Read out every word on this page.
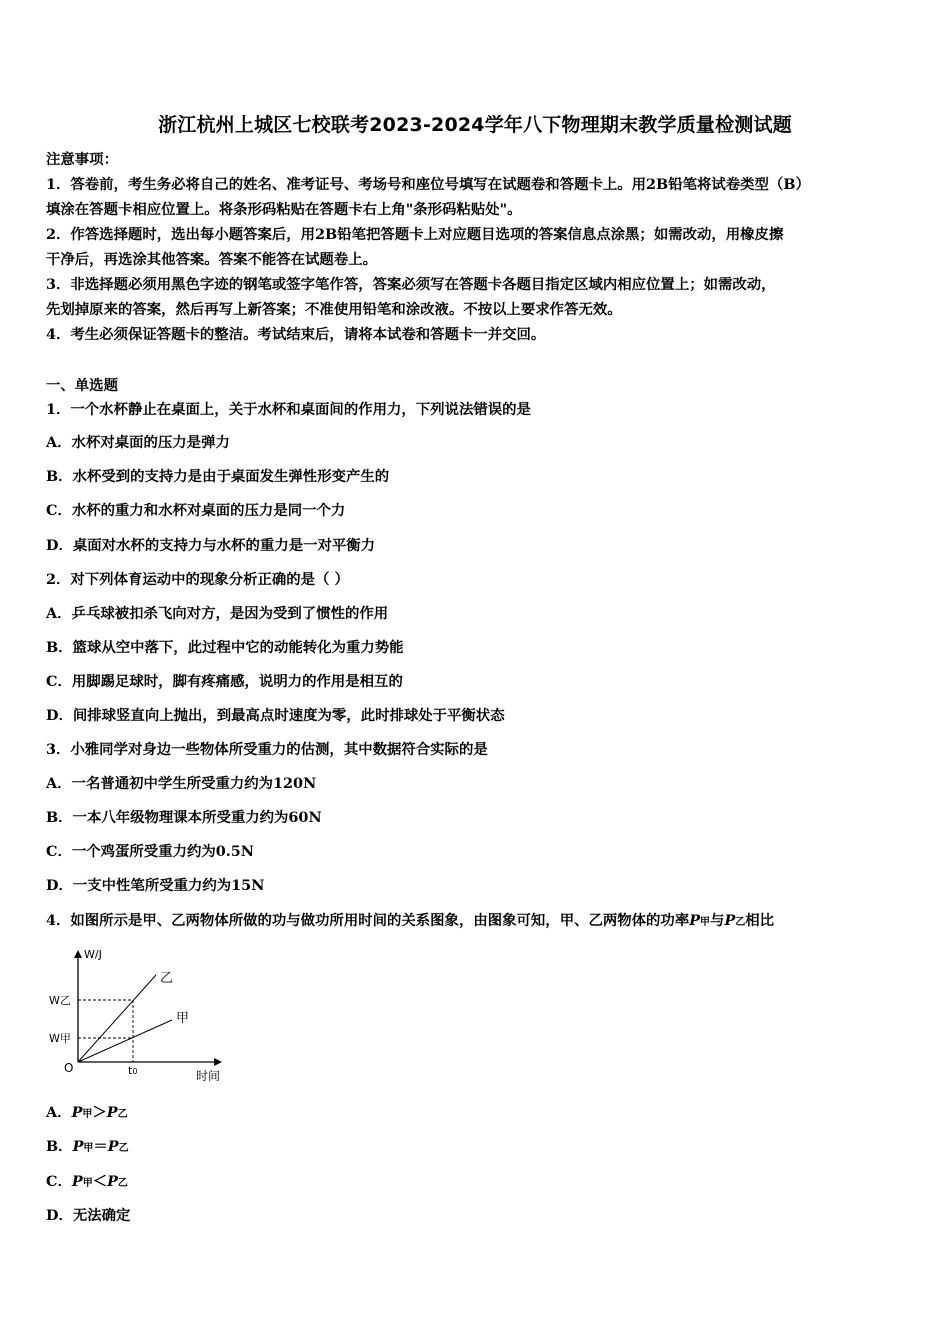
浙江杭州上城区七校联考2023-2024学年八下物理期末教学质量检测试题
注意事项：
1．答卷前，考生务必将自己的姓名、准考证号、考场号和座位号填写在试题卷和答题卡上。用2B铅笔将试卷类型（B）
填涂在答题卡相应位置上。将条形码粘贴在答题卡右上角"条形码粘贴处"。
2．作答选择题时，选出每小题答案后，用2B铅笔把答题卡上对应题目选项的答案信息点涂黑；如需改动，用橡皮擦
干净后，再选涂其他答案。答案不能答在试题卷上。
3．非选择题必须用黑色字迹的钢笔或签字笔作答，答案必须写在答题卡各题目指定区域内相应位置上；如需改动，
先划掉原来的答案，然后再写上新答案；不准使用铅笔和涂改液。不按以上要求作答无效。
4．考生必须保证答题卡的整洁。考试结束后，请将本试卷和答题卡一并交回。
一、单选题
1．一个水杯静止在桌面上，关于水杯和桌面间的作用力，下列说法错误的是
A．水杯对桌面的压力是弹力
B．水杯受到的支持力是由于桌面发生弹性形变产生的
C．水杯的重力和水杯对桌面的压力是同一个力
D．桌面对水杯的支持力与水杯的重力是一对平衡力
2．对下列体育运动中的现象分析正确的是（ ）
A．乒乓球被扣杀飞向对方，是因为受到了惯性的作用
B．篮球从空中落下，此过程中它的动能转化为重力势能
C．用脚踢足球时，脚有疼痛感，说明力的作用是相互的
D．间排球竖直向上抛出，到最高点时速度为零，此时排球处于平衡状态
3．小雅同学对身边一些物体所受重力的估测，其中数据符合实际的是
A．一名普通初中学生所受重力约为120N
B．一本八年级物理课本所受重力约为60N
C．一个鸡蛋所受重力约为0.5N
D．一支中性笔所受重力约为15N
4．如图所示是甲、乙两物体所做的功与做功所用时间的关系图象，由图象可知，甲、乙两物体的功率P甲与P乙相比
W/J
时间
O	t0
W乙
W甲
乙
甲
A．P甲＞P乙
B．P甲＝P乙
C．P甲＜P乙
D．无法确定
